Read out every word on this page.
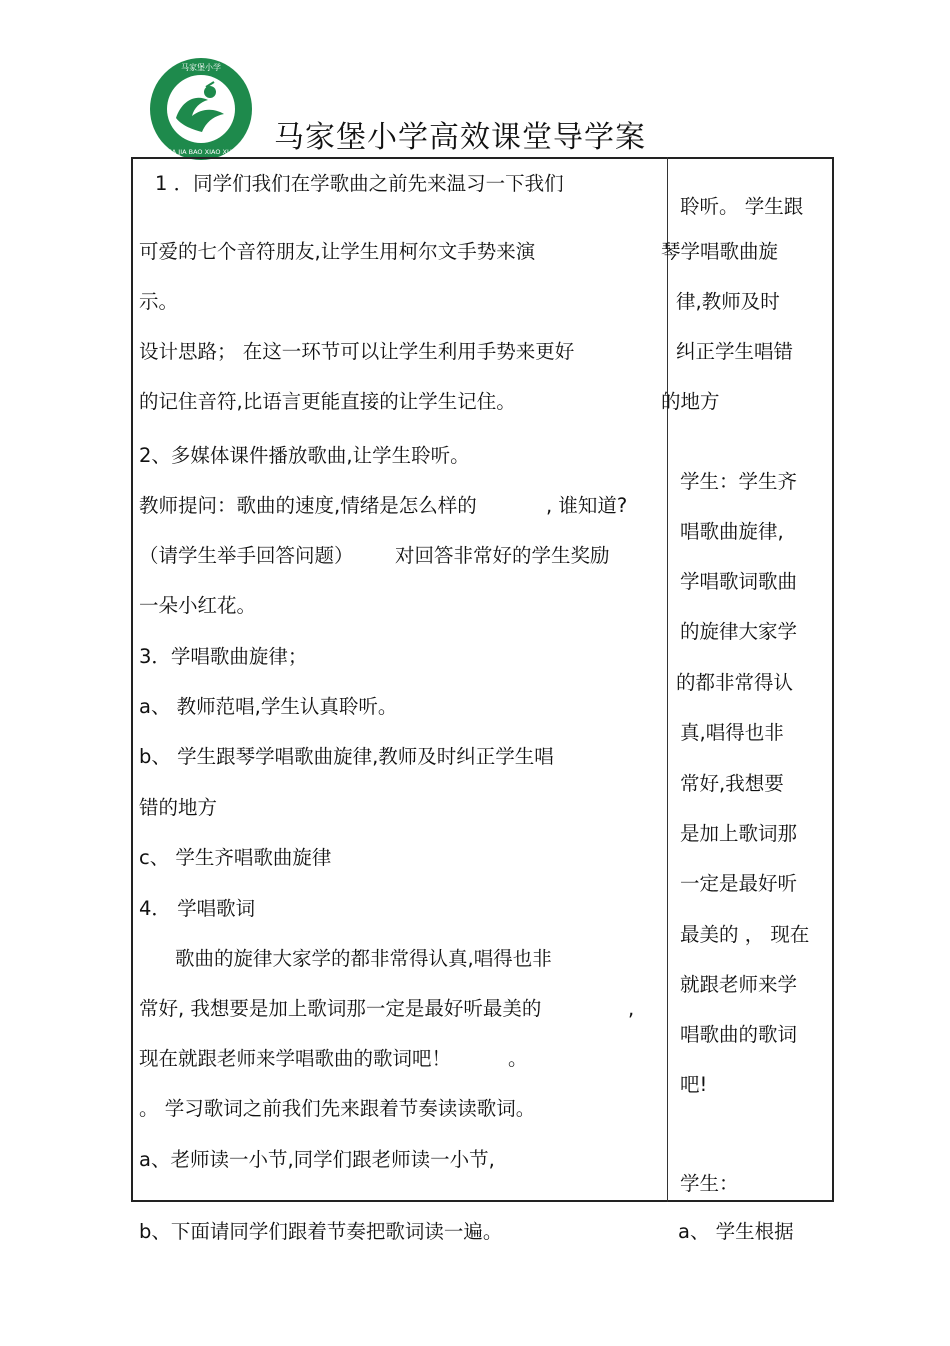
马家堡小学
MA JIA BAO XIAO XUE 马家堡小学高效课堂导学案
1 ．同学们我们在学歌曲之前先来温习一下我们
可爱的七个音符朋友,让学生用柯尔文手势来演
示。
设计思路； 在这一环节可以让学生利用手势来更好
的记住音符,比语言更能直接的让学生记住。
2、多媒体课件播放歌曲,让学生聆听。
教师提问：歌曲的速度,情绪是怎么样的	, 谁知道?
（请学生举手回答问题） 对回答非常好的学生奖励
一朵小红花。
3．学唱歌曲旋律；
a、 教师范唱,学生认真聆听。
b、 学生跟琴学唱歌曲旋律,教师及时纠正学生唱
错的地方
c、 学生齐唱歌曲旋律
4． 学唱歌词
歌曲的旋律大家学的都非常得认真,唱得也非
常好, 我想要是加上歌词那一定是最好听最美的	,
现在就跟老师来学唱歌曲的歌词吧！	。
。 学习歌词之前我们先来跟着节奏读读歌词。
a、老师读一小节,同学们跟老师读一小节,
b、下面请同学们跟着节奏把歌词读一遍。
聆听。 学生跟
琴学唱歌曲旋
律,教师及时
纠正学生唱错
的地方
学生：学生齐
唱歌曲旋律,
学唱歌词歌曲
的旋律大家学
的都非常得认
真,唱得也非
常好,我想要
是加上歌词那
一定是最好听
最美的 ， 现在
就跟老师来学
唱歌曲的歌词
吧!
学生：
a、 学生根据
